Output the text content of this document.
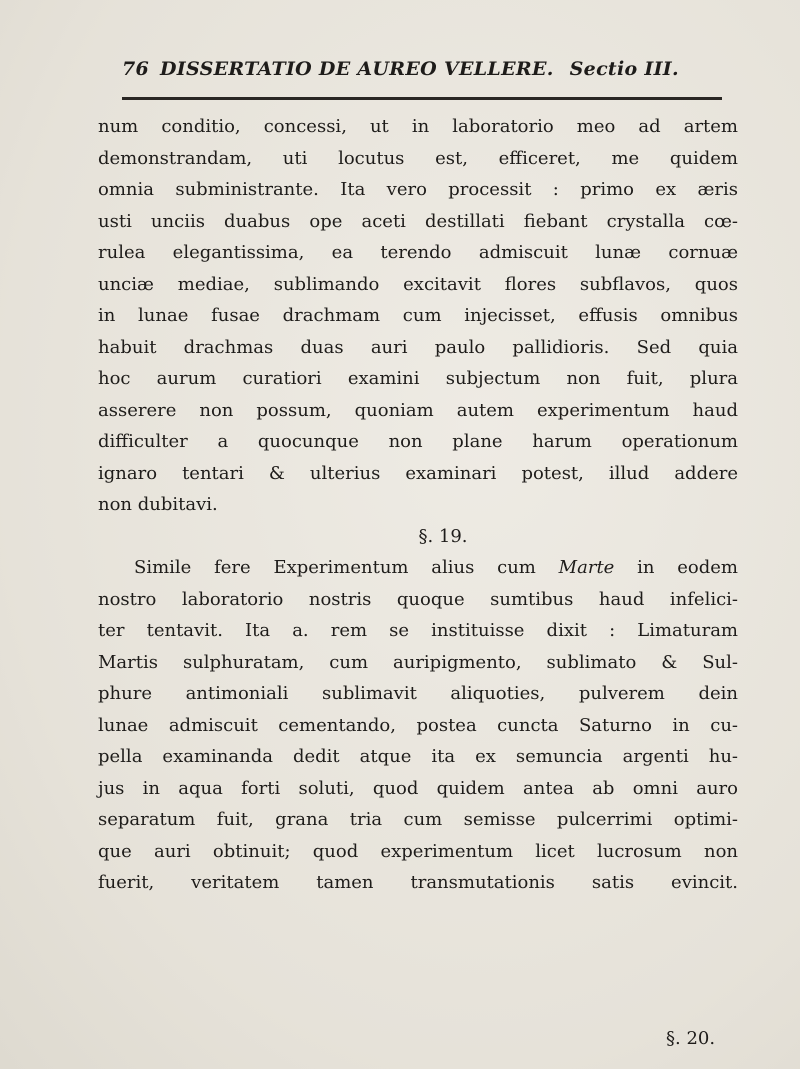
76 DISSERTATIO DE AUREO VELLERE. Sectio III.
num conditio, concessi, ut in laboratorio meo ad artem
demonstrandam, uti locutus est, efficeret, me quidem
omnia subministrante. Ita vero processit : primo ex æris
usti unciis duabus ope aceti destillati fiebant crystalla cœ-
rulea elegantissima, ea terendo admiscuit lunæ cornuæ
unciæ mediae, sublimando excitavit flores subflavos, quos
in lunae fusae drachmam cum injecisset, effusis omnibus
habuit drachmas duas auri paulo pallidioris. Sed quia
hoc aurum curatiori examini subjectum non fuit, plura
asserere non possum, quoniam autem experimentum haud
difficulter a quocunque non plane harum operationum
ignaro tentari & ulterius examinari potest, illud addere
non dubitavi.
§. 19.
Simile fere Experimentum alius cum Marte in eodem
nostro laboratorio nostris quoque sumtibus haud infelici-
ter tentavit. Ita a. rem se instituisse dixit : Limaturam
Martis sulphuratam, cum auripigmento, sublimato & Sul-
phure antimoniali sublimavit aliquoties, pulverem dein
lunae admiscuit cementando, postea cuncta Saturno in cu-
pella examinanda dedit atque ita ex semuncia argenti hu-
jus in aqua forti soluti, quod quidem antea ab omni auro
separatum fuit, grana tria cum semisse pulcerrimi optimi-
que auri obtinuit; quod experimentum licet lucrosum non
fuerit, veritatem tamen transmutationis satis evincit.
§. 20.
